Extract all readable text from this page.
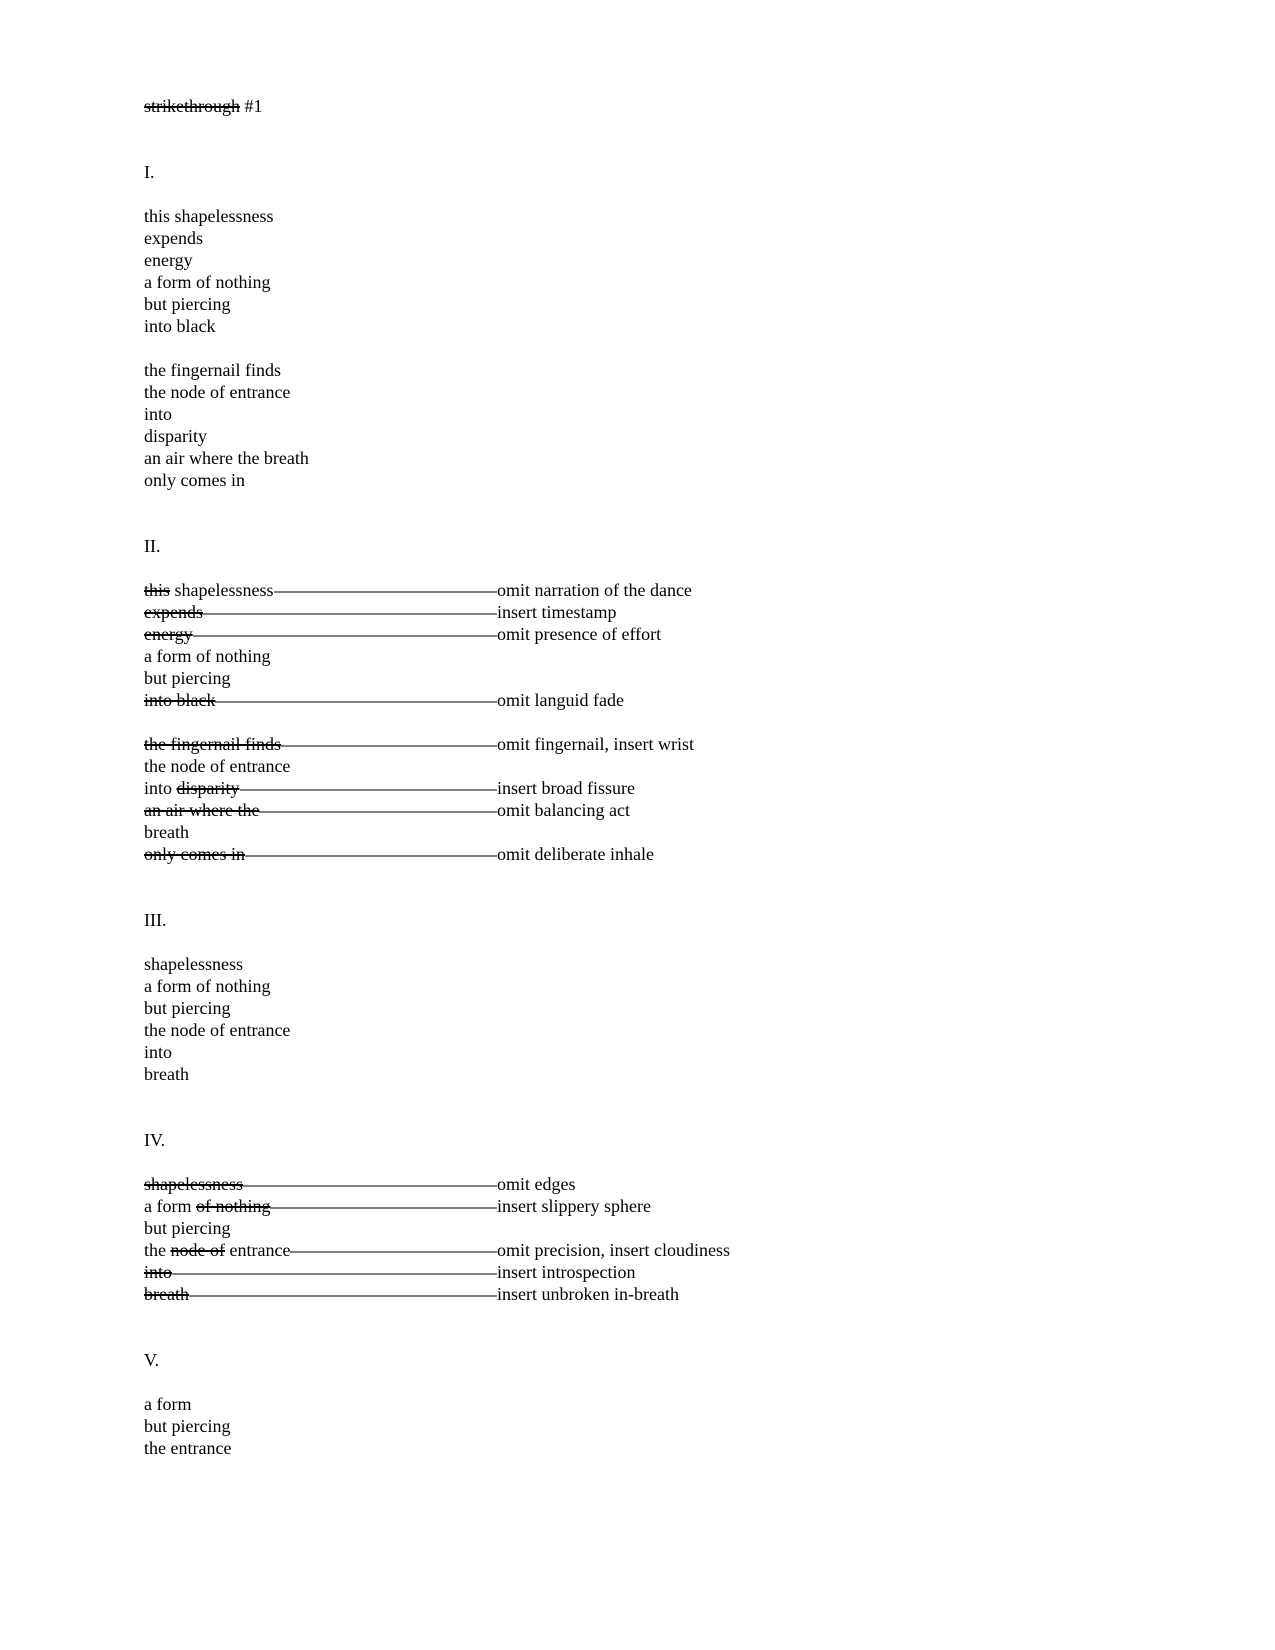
strikethrough #1
I.
this shapelessness
expends
energy
a form of nothing
but piercing
into black
the fingernail finds
the node of entrance
into
disparity
an air where the breath
only comes in
II.
this shapelessness	omit narration of the dance
expends	insert timestamp
energy	omit presence of effort
a form of nothing
but piercing
into black	omit languid fade
the fingernail finds	omit fingernail, insert wrist
the node of entrance
into disparity	insert broad fissure
an air where the	omit balancing act
breath
only comes in	omit deliberate inhale
III.
shapelessness
a form of nothing
but piercing
the node of entrance
into
breath
IV.
shapelessness	omit edges
a form of nothing	insert slippery sphere
but piercing
the node of entrance	omit precision, insert cloudiness
into	insert introspection
breath	insert unbroken in-breath
V.
a form
but piercing
the entrance
